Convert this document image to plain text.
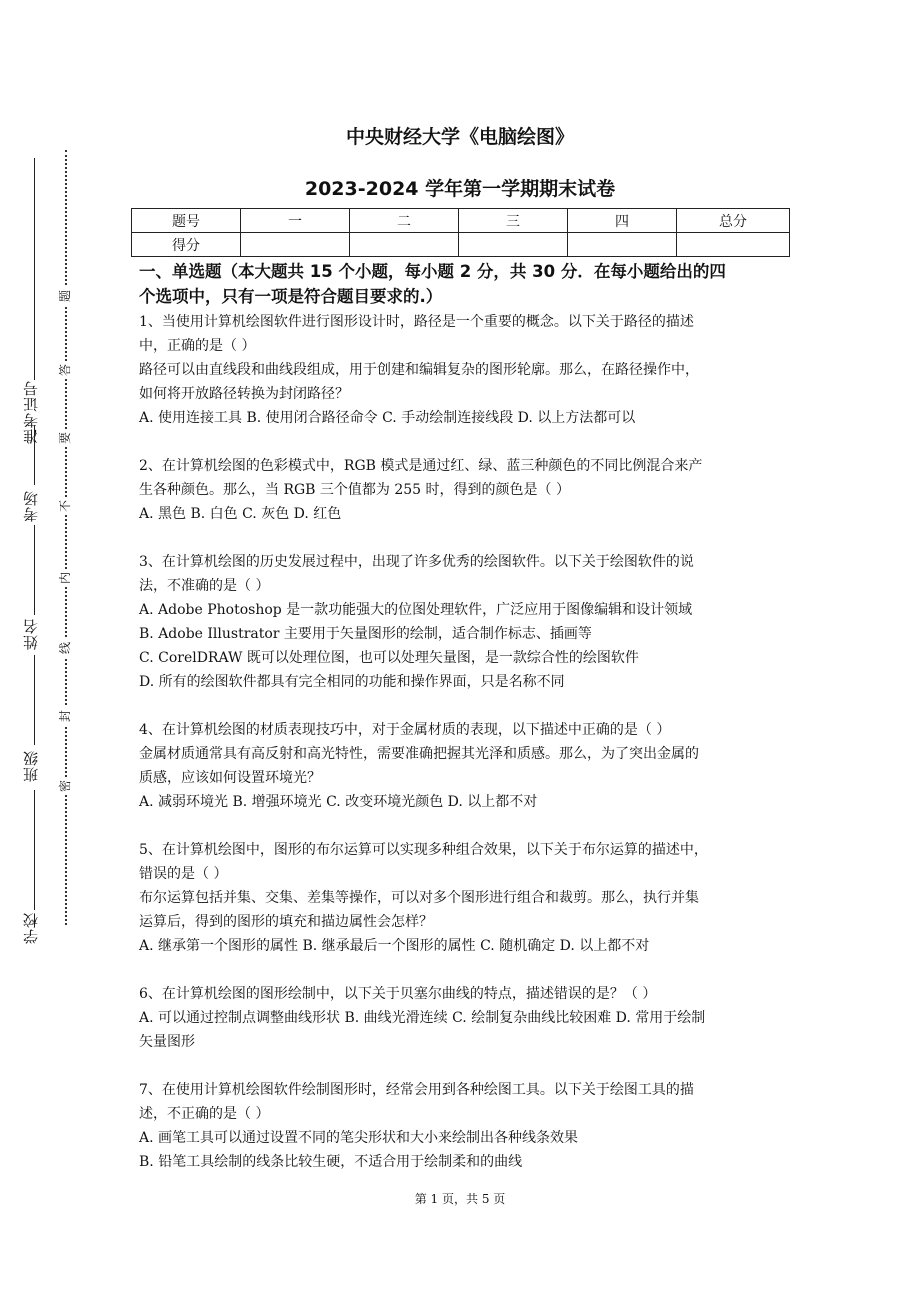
准考证号
考场
姓名
班级
学校
题
答
要
不
内
线
封
密
中央财经大学《电脑绘图》
2023-2024 学年第一学期期末试卷
题号	一	二	三	四	总分
得分					
一、单选题（本大题共 15 个小题，每小题 2 分，共 30 分．在每小题给出的四
个选项中，只有一项是符合题目要求的.）

1、当使用计算机绘图软件进行图形设计时，路径是一个重要的概念。以下关于路径的描述

中，正确的是（ ）

路径可以由直线段和曲线段组成，用于创建和编辑复杂的图形轮廓。那么，在路径操作中，

如何将开放路径转换为封闭路径？

A. 使用连接工具 B. 使用闭合路径命令 C. 手动绘制连接线段 D. 以上方法都可以

2、在计算机绘图的色彩模式中，RGB 模式是通过红、绿、蓝三种颜色的不同比例混合来产

生各种颜色。那么，当 RGB 三个值都为 255 时，得到的颜色是（ ）

A. 黑色 B. 白色 C. 灰色 D. 红色

3、在计算机绘图的历史发展过程中，出现了许多优秀的绘图软件。以下关于绘图软件的说

法，不准确的是（ ）

A. Adobe Photoshop 是一款功能强大的位图处理软件，广泛应用于图像编辑和设计领域

B. Adobe Illustrator 主要用于矢量图形的绘制，适合制作标志、插画等

C. CorelDRAW 既可以处理位图，也可以处理矢量图，是一款综合性的绘图软件

D. 所有的绘图软件都具有完全相同的功能和操作界面，只是名称不同

4、在计算机绘图的材质表现技巧中，对于金属材质的表现，以下描述中正确的是（ ）

金属材质通常具有高反射和高光特性，需要准确把握其光泽和质感。那么，为了突出金属的

质感，应该如何设置环境光？

A. 减弱环境光 B. 增强环境光 C. 改变环境光颜色 D. 以上都不对

5、在计算机绘图中，图形的布尔运算可以实现多种组合效果，以下关于布尔运算的描述中，

错误的是（ ）

布尔运算包括并集、交集、差集等操作，可以对多个图形进行组合和裁剪。那么，执行并集

运算后，得到的图形的填充和描边属性会怎样？

A. 继承第一个图形的属性 B. 继承最后一个图形的属性 C. 随机确定 D. 以上都不对

6、在计算机绘图的图形绘制中，以下关于贝塞尔曲线的特点，描述错误的是？（ ）

A. 可以通过控制点调整曲线形状 B. 曲线光滑连续 C. 绘制复杂曲线比较困难 D. 常用于绘制

矢量图形

7、在使用计算机绘图软件绘制图形时，经常会用到各种绘图工具。以下关于绘图工具的描

述，不正确的是（ ）

A. 画笔工具可以通过设置不同的笔尖形状和大小来绘制出各种线条效果

B. 铅笔工具绘制的线条比较生硬，不适合用于绘制柔和的曲线

第 1 页，共 5 页
